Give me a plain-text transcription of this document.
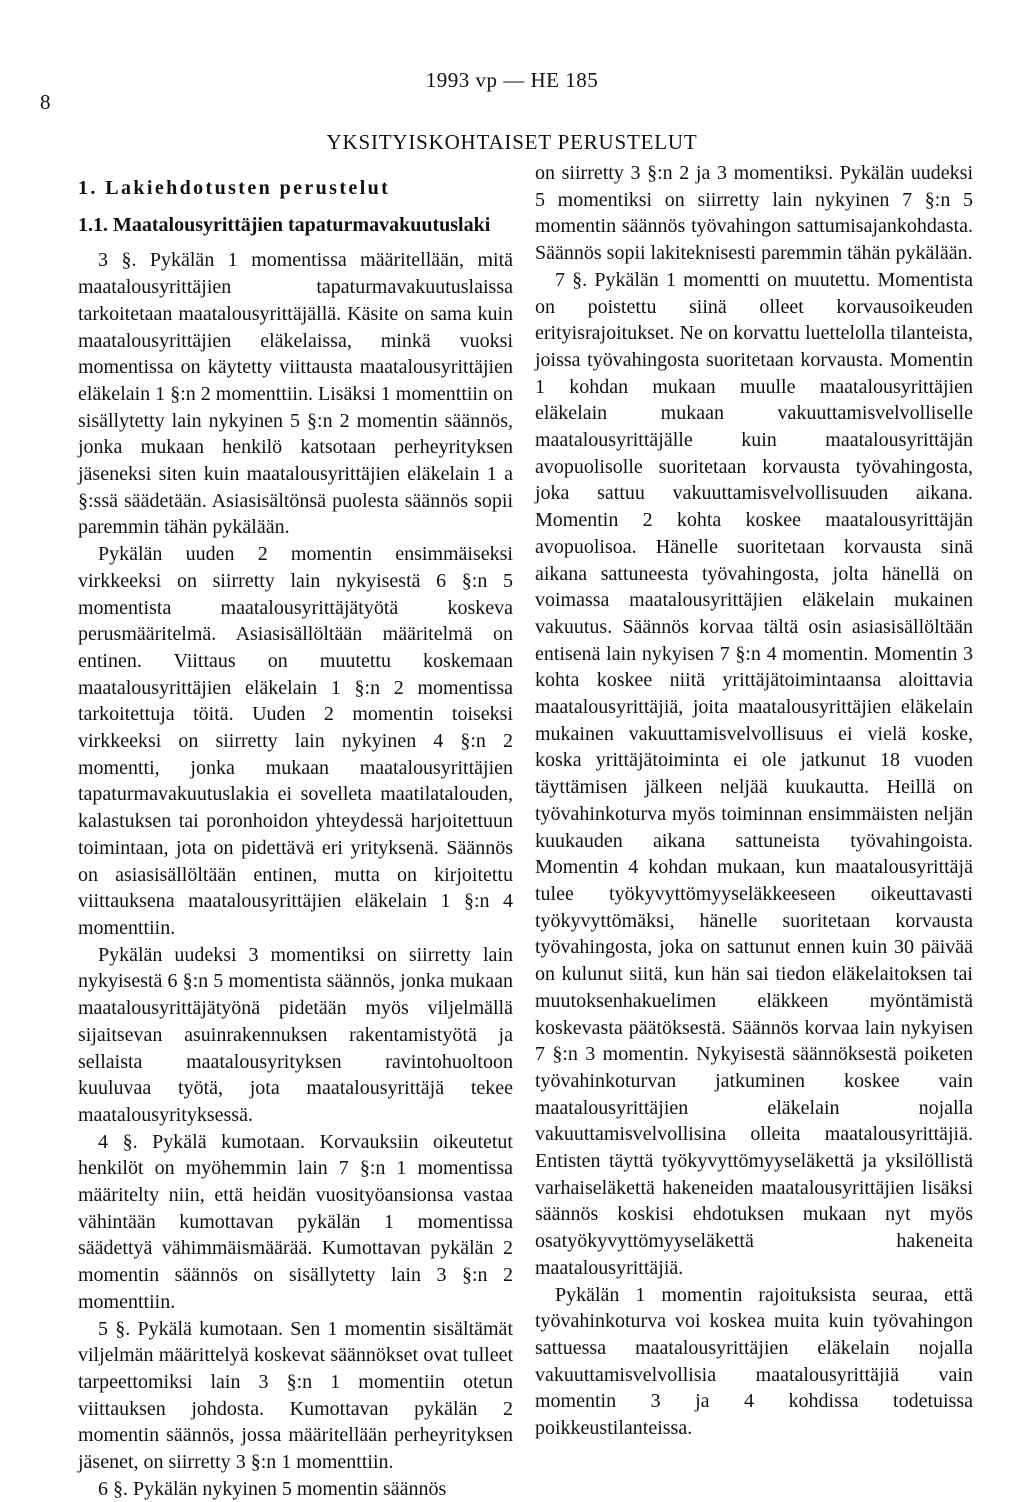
8
1993 vp — HE 185
YKSITYISKOHTAISET PERUSTELUT
1. Lakiehdotusten perustelut
1.1. Maatalousyrittäjien tapaturmavakuutuslaki

3 §. Pykälän 1 momentissa määritellään, mitä maatalousyrittäjien tapaturmavakuutuslaissa tarkoitetaan maatalousyrittäjällä. Käsite on sama kuin maatalousyrittäjien eläkelaissa, minkä vuoksi momentissa on käytetty viittausta maatalousyrittäjien eläkelain 1 §:n 2 momenttiin. Lisäksi 1 momenttiin on sisällytetty lain nykyinen 5 §:n 2 momentin säännös, jonka mukaan henkilö katsotaan perheyrityksen jäseneksi siten kuin maatalousyrittäjien eläkelain 1 a §:ssä säädetään. Asiasisältönsä puolesta säännös sopii paremmin tähän pykälään.

Pykälän uuden 2 momentin ensimmäiseksi virkkeeksi on siirretty lain nykyisestä 6 §:n 5 momentista maatalousyrittäjätyötä koskeva perusmääritelmä. Asiasisällöltään määritelmä on entinen. Viittaus on muutettu koskemaan maatalousyrittäjien eläkelain 1 §:n 2 momentissa tarkoitettuja töitä. Uuden 2 momentin toiseksi virkkeeksi on siirretty lain nykyinen 4 §:n 2 momentti, jonka mukaan maatalousyrittäjien tapaturmavakuutuslakia ei sovelleta maatilatalouden, kalastuksen tai poronhoidon yhteydessä harjoitettuun toimintaan, jota on pidettävä eri yrityksenä. Säännös on asiasisällöltään entinen, mutta on kirjoitettu viittauksena maatalousyrittäjien eläkelain 1 §:n 4 momenttiin.

Pykälän uudeksi 3 momentiksi on siirretty lain nykyisestä 6 §:n 5 momentista säännös, jonka mukaan maatalousyrittäjätyönä pidetään myös viljelmällä sijaitsevan asuinrakennuksen rakentamistyötä ja sellaista maatalousyrityksen ravintohuoltoon kuuluvaa työtä, jota maatalousyrittäjä tekee maatalousyrityksessä.

4 §. Pykälä kumotaan. Korvauksiin oikeutetut henkilöt on myöhemmin lain 7 §:n 1 momentissa määritelty niin, että heidän vuosityöansionsa vastaa vähintään kumottavan pykälän 1 momentissa säädettyä vähimmäismäärää. Kumottavan pykälän 2 momentin säännös on sisällytetty lain 3 §:n 2 momenttiin.

5 §. Pykälä kumotaan. Sen 1 momentin sisältämät viljelmän määrittelyä koskevat säännökset ovat tulleet tarpeettomiksi lain 3 §:n 1 momentiin otetun viittauksen johdosta. Kumottavan pykälän 2 momentin säännös, jossa määritellään perheyrityksen jäsenet, on siirretty 3 §:n 1 momenttiin.

6 §. Pykälän nykyinen 5 momentin säännös

on siirretty 3 §:n 2 ja 3 momentiksi. Pykälän uudeksi 5 momentiksi on siirretty lain nykyinen 7 §:n 5 momentin säännös työvahingon sattumisajankohdasta. Säännös sopii lakiteknisesti paremmin tähän pykälään.

7 §. Pykälän 1 momentti on muutettu. Momentista on poistettu siinä olleet korvausoikeuden erityisrajoitukset. Ne on korvattu luettelolla tilanteista, joissa työvahingosta suoritetaan korvausta. Momentin 1 kohdan mukaan muulle maatalousyrittäjien eläkelain mukaan vakuuttamisvelvolliselle maatalousyrittäjälle kuin maatalousyrittäjän avopuolisolle suoritetaan korvausta työvahingosta, joka sattuu vakuuttamisvelvollisuuden aikana. Momentin 2 kohta koskee maatalousyrittäjän avopuolisoa. Hänelle suoritetaan korvausta sinä aikana sattuneesta työvahingosta, jolta hänellä on voimassa maatalousyrittäjien eläkelain mukainen vakuutus. Säännös korvaa tältä osin asiasisällöltään entisenä lain nykyisen 7 §:n 4 momentin. Momentin 3 kohta koskee niitä yrittäjätoimintaansa aloittavia maatalousyrittäjiä, joita maatalousyrittäjien eläkelain mukainen vakuuttamisvelvollisuus ei vielä koske, koska yrittäjätoiminta ei ole jatkunut 18 vuoden täyttämisen jälkeen neljää kuukautta. Heillä on työvahinkoturva myös toiminnan ensimmäisten neljän kuukauden aikana sattuneista työvahingoista. Momentin 4 kohdan mukaan, kun maatalousyrittäjä tulee työkyvyttömyyseläkkeeseen oikeuttavasti työkyvyttömäksi, hänelle suoritetaan korvausta työvahingosta, joka on sattunut ennen kuin 30 päivää on kulunut siitä, kun hän sai tiedon eläkelaitoksen tai muutoksenhakuelimen eläkkeen myöntämistä koskevasta päätöksestä. Säännös korvaa lain nykyisen 7 §:n 3 momentin. Nykyisestä säännöksestä poiketen työvahinkoturvan jatkuminen koskee vain maatalousyrittäjien eläkelain nojalla vakuuttamisvelvollisina olleita maatalousyrittäjiä. Entisten täyttä työkyvyttömyyseläkettä ja yksilöllistä varhaiseläkettä hakeneiden maatalousyrittäjien lisäksi säännös koskisi ehdotuksen mukaan nyt myös osatyökyvyttömyyseläkettä hakeneita maatalousyrittäjiä.

Pykälän 1 momentin rajoituksista seuraa, että työvahinkoturva voi koskea muita kuin työvahingon sattuessa maatalousyrittäjien eläkelain nojalla vakuuttamisvelvollisia maatalousyrittäjiä vain momentin 3 ja 4 kohdissa todetuissa poikkeustilanteissa.
